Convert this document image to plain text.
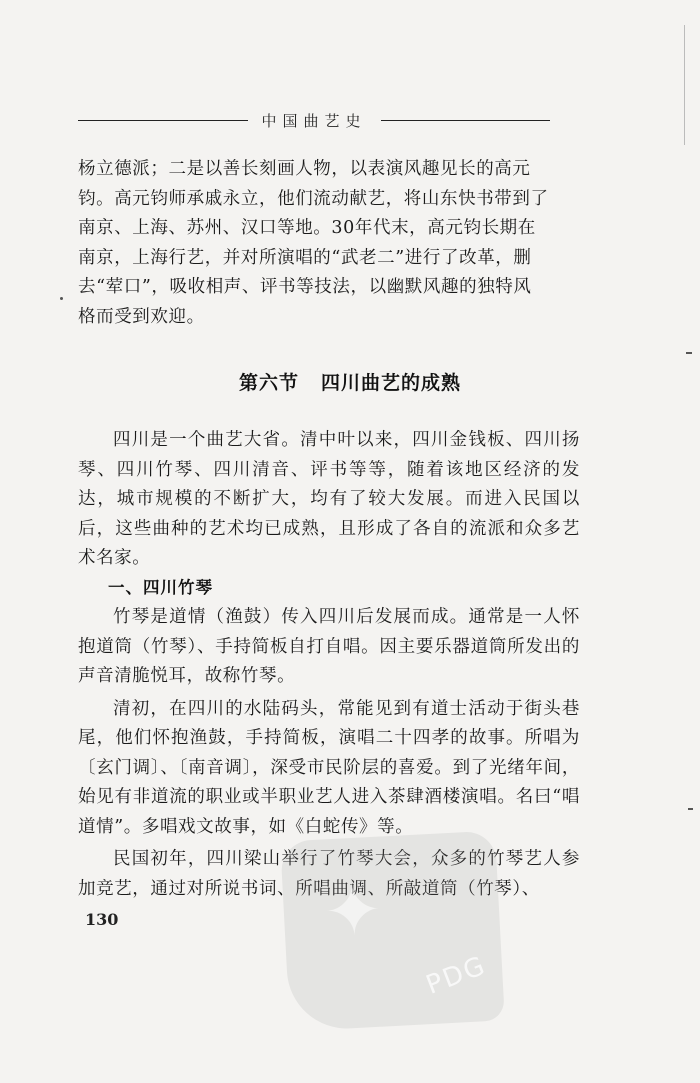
中国曲艺史

杨立德派；二是以善长刻画人物，以表演风趣见长的高元

钧。高元钧师承戚永立，他们流动献艺，将山东快书带到了

南京、上海、苏州、汉口等地。30年代末，高元钧长期在

南京，上海行艺，并对所演唱的“武老二”进行了改革，删

去“荤口”，吸收相声、评书等技法，以幽默风趣的独特风

格而受到欢迎。

第六节 四川曲艺的成熟

四川是一个曲艺大省。清中叶以来，四川金钱板、四川扬琴、四川竹琴、四川清音、评书等等，随着该地区经济的发达，城市规模的不断扩大，均有了较大发展。而进入民国以后，这些曲种的艺术均已成熟，且形成了各自的流派和众多艺术名家。

一、四川竹琴

竹琴是道情（渔鼓）传入四川后发展而成。通常是一人怀抱道筒（竹琴）、手持简板自打自唱。因主要乐器道筒所发出的声音清脆悦耳，故称竹琴。

清初，在四川的水陆码头，常能见到有道士活动于街头巷尾，他们怀抱渔鼓，手持简板，演唱二十四孝的故事。所唱为〔玄门调〕、〔南音调〕，深受市民阶层的喜爱。到了光绪年间，始见有非道流的职业或半职业艺人进入茶肆酒楼演唱。名曰“唱道情”。多唱戏文故事，如《白蛇传》等。

民国初年，四川梁山举行了竹琴大会，众多的竹琴艺人参加竞艺，通过对所说书词、所唱曲调、所敲道筒（竹琴）、

130	✦
PDG
